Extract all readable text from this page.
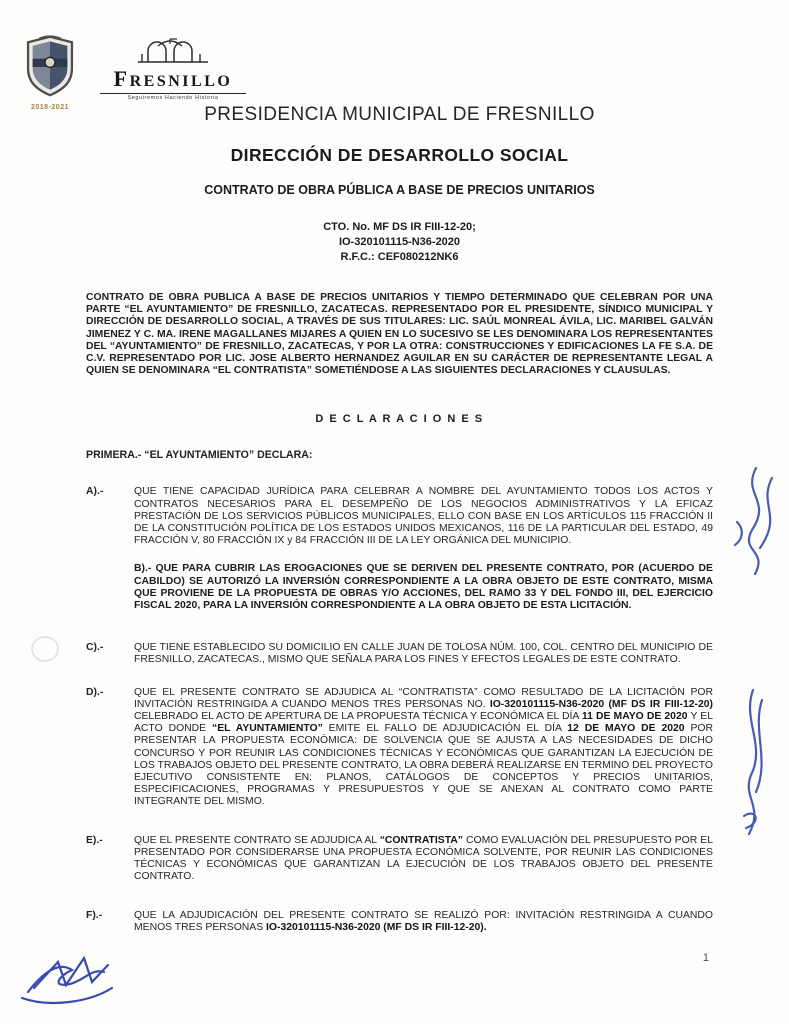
2018-2021
FRESNILLO
Seguiremos Haciendo Historia
PRESIDENCIA MUNICIPAL DE FRESNILLO
DIRECCIÓN DE DESARROLLO SOCIAL
CONTRATO DE OBRA PÚBLICA A BASE DE PRECIOS UNITARIOS
CTO. No. MF DS IR FIII-12-20;
IO-320101115-N36-2020
R.F.C.: CEF080212NK6

CONTRATO DE OBRA PUBLICA A BASE DE PRECIOS UNITARIOS Y TIEMPO DETERMINADO QUE CELEBRAN POR UNA PARTE “EL AYUNTAMIENTO” DE FRESNILLO, ZACATECAS. REPRESENTADO POR EL PRESIDENTE, SÍNDICO MUNICIPAL Y DIRECCIÓN DE DESARROLLO SOCIAL, A TRAVÉS DE SUS TITULARES: LIC. SAÚL MONREAL ÁVILA, LIC. MARIBEL GALVÁN JIMENEZ Y C. MA. IRENE MAGALLANES MIJARES A QUIEN EN LO SUCESIVO SE LES DENOMINARA LOS REPRESENTANTES DEL “AYUNTAMIENTO” DE FRESNILLO, ZACATECAS, Y POR LA OTRA: CONSTRUCCIONES Y EDIFICACIONES LA FE S.A. DE C.V. REPRESENTADO POR LIC. JOSE ALBERTO HERNANDEZ AGUILAR EN SU CARÁCTER DE REPRESENTANTE LEGAL A QUIEN SE DENOMINARA “EL CONTRATISTA” SOMETIÉNDOSE A LAS SIGUIENTES DECLARACIONES Y CLAUSULAS.

D E C L A R A C I O N E S
PRIMERA.- “EL AYUNTAMIENTO” DECLARA:
A).-	QUE TIENE CAPACIDAD JURÍDICA PARA CELEBRAR A NOMBRE DEL AYUNTAMIENTO TODOS LOS ACTOS Y CONTRATOS NECESARIOS PARA EL DESEMPEÑO DE LOS NEGOCIOS ADMINISTRATIVOS Y LA EFICAZ PRESTACIÓN DE LOS SERVICIOS PÚBLICOS MUNICIPALES, ELLO CON BASE EN LOS ARTÍCULOS 115 FRACCIÓN II DE LA CONSTITUCIÓN POLÍTICA DE LOS ESTADOS UNIDOS MEXICANOS, 116 DE LA PARTICULAR DEL ESTADO, 49 FRACCIÓN V, 80 FRACCIÓN IX y 84 FRACCIÓN III DE LA LEY ORGÁNICA DEL MUNICIPIO.
B).- QUE PARA CUBRIR LAS EROGACIONES QUE SE DERIVEN DEL PRESENTE CONTRATO, POR (ACUERDO DE CABILDO) SE AUTORIZÓ LA INVERSIÓN CORRESPONDIENTE A LA OBRA OBJETO DE ESTE CONTRATO, MISMA QUE PROVIENE DE LA PROPUESTA DE OBRAS Y/O ACCIONES, DEL RAMO 33 Y DEL FONDO III, DEL EJERCICIO FISCAL 2020, PARA LA INVERSIÓN CORRESPONDIENTE A LA OBRA OBJETO DE ESTA LICITACIÓN.
C).-	QUE TIENE ESTABLECIDO SU DOMICILIO EN CALLE JUAN DE TOLOSA NÚM. 100, COL. CENTRO DEL MUNICIPIO DE FRESNILLO, ZACATECAS., MISMO QUE SEÑALA PARA LOS FINES Y EFECTOS LEGALES DE ESTE CONTRATO.
D).-	QUE EL PRESENTE CONTRATO SE ADJUDICA AL “CONTRATISTA” COMO RESULTADO DE LA LICITACIÓN POR INVITACIÓN RESTRINGIDA A CUANDO MENOS TRES PERSONAS NO. IO-320101115-N36-2020 (MF DS IR FIII-12-20) CELEBRADO EL ACTO DE APERTURA DE LA PROPUESTA TÉCNICA Y ECONÓMICA EL DÍA 11 DE MAYO DE 2020 Y EL ACTO DONDE “EL AYUNTAMIENTO” EMITE EL FALLO DE ADJUDICACIÓN EL DÍA 12 DE MAYO DE 2020 POR PRESENTAR LA PROPUESTA ECONÓMICA: DE SOLVENCIA QUE SE AJUSTA A LAS NECESIDADES DE DICHO CONCURSO Y POR REUNIR LAS CONDICIONES TÉCNICAS Y ECONÓMICAS QUE GARANTIZAN LA EJECUCIÓN DE LOS TRABAJOS OBJETO DEL PRESENTE CONTRATO, LA OBRA DEBERÁ REALIZARSE EN TERMINO DEL PROYECTO EJECUTIVO CONSISTENTE EN: PLANOS, CATÁLOGOS DE CONCEPTOS Y PRECIOS UNITARIOS, ESPECIFICACIONES, PROGRAMAS Y PRESUPUESTOS Y QUE SE ANEXAN AL CONTRATO COMO PARTE INTEGRANTE DEL MISMO.
E).-	QUE EL PRESENTE CONTRATO SE ADJUDICA AL “CONTRATISTA” COMO EVALUACIÓN DEL PRESUPUESTO POR EL PRESENTADO POR CONSIDERARSE UNA PROPUESTA ECONÓMICA SOLVENTE, POR REUNIR LAS CONDICIONES TÉCNICAS Y ECONÓMICAS QUE GARANTIZAN LA EJECUCIÓN DE LOS TRABAJOS OBJETO DEL PRESENTE CONTRATO.
F).-	QUE LA ADJUDICACIÓN DEL PRESENTE CONTRATO SE REALIZÓ POR: INVITACIÓN RESTRINGIDA A CUANDO MENOS TRES PERSONAS IO-320101115-N36-2020 (MF DS IR FIII-12-20).
1
